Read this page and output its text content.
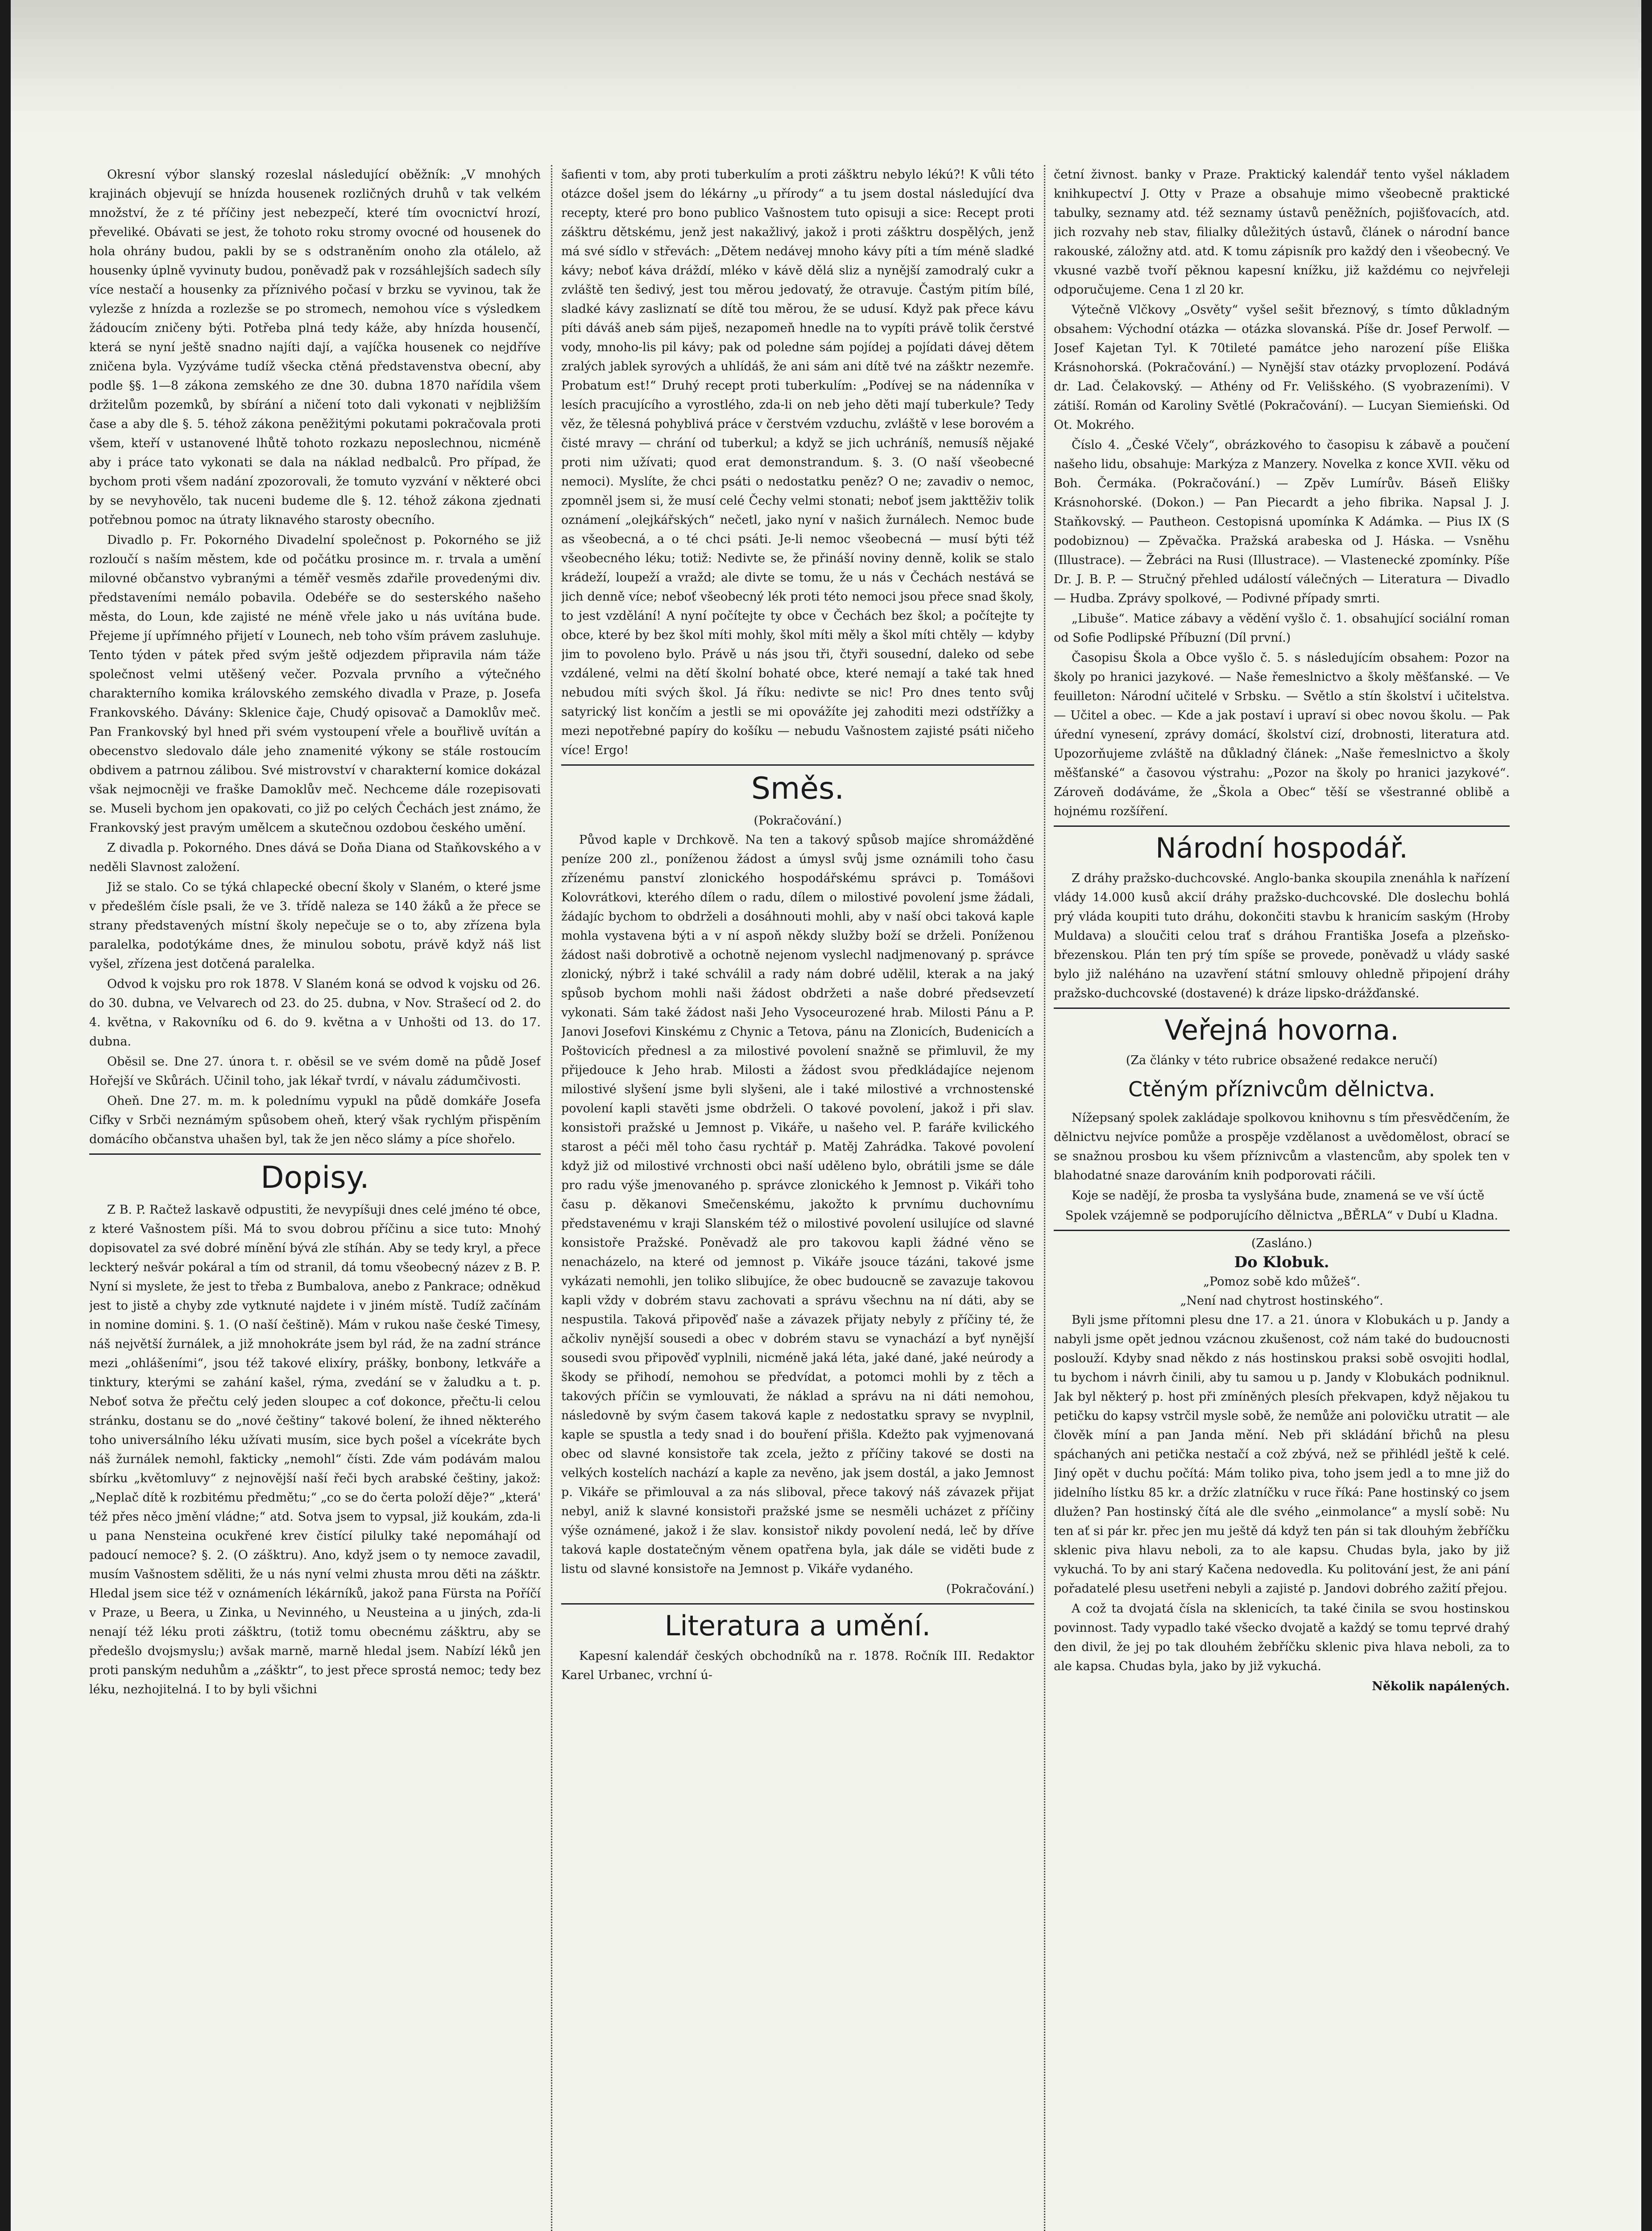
Okresní výbor slanský rozeslal následující oběžník: „V mnohých krajinách objevují se hnízda housenek rozličných druhů v tak velkém množství, že z té příčiny jest nebezpečí, které tím ovocnictví hrozí, převeliké. Obávati se jest, že tohoto roku stromy ovocné od housenek do hola ohrány budou, pakli by se s odstraněním onoho zla otálelo, až housenky úplně vyvinuty budou, poněvadž pak v rozsáhlejších sadech síly více nestačí a housenky za příznivého počasí v brzku se vyvinou, tak že vylezše z hnízda a rozlezše se po stromech, nemohou více s výsledkem žádoucím zničeny býti. Potřeba plná tedy káže, aby hnízda housenčí, která se nyní ještě snadno najíti dají, a vajíčka housenek co nejdříve zničena byla. Vyzýváme tudíž všecka ctěná představenstva obecní, aby podle §§. 1—8 zákona zemského ze dne 30. dubna 1870 nařídila všem držitelům pozemků, by sbírání a ničení toto dali vykonati v nejbližším čase a aby dle §. 5. téhož zákona peněžitými pokutami pokračovala proti všem, kteří v ustanovené lhůtě tohoto rozkazu neposlechnou, nicméně aby i práce tato vykonati se dala na náklad nedbalců. Pro případ, že bychom proti všem nadání zpozorovali, že tomuto vyzvání v některé obci by se nevyhovělo, tak nuceni budeme dle §. 12. téhož zákona zjednati potřebnou pomoc na útraty liknavého starosty obecního.

Divadlo p. Fr. Pokorného Divadelní společnost p. Pokorného se již rozloučí s naším městem, kde od počátku prosince m. r. trvala a umění milovné občanstvo vybranými a téměř vesměs zdařile provedenými div. představeními nemálo pobavila. Odebéře se do sesterského našeho města, do Loun, kde zajisté ne méně vřele jako u nás uvítána bude. Přejeme jí upřímného přijetí v Lounech, neb toho vším právem zasluhuje. Tento týden v pátek před svým ještě odjezdem připravila nám táže společnost velmi utěšený večer. Pozvala prvního a výtečného charakterního komika královského zemského divadla v Praze, p. Josefa Frankovského. Dávány: Sklenice čaje, Chudý opisovač a Damoklův meč. Pan Frankovský byl hned při svém vystoupení vřele a bouřlivě uvítán a obecenstvo sledovalo dále jeho znamenité výkony se stále rostoucím obdivem a patrnou zálibou. Své mistrovství v charakterní komice dokázal však nejmocněji ve fraške Damoklův meč. Nechceme dále rozepisovati se. Museli bychom jen opakovati, co již po celých Čechách jest známo, že Frankovský jest pravým umělcem a skutečnou ozdobou českého umění.

Z divadla p. Pokorného. Dnes dává se Doňa Diana od Staňkovského a v neděli Slavnost založení.

Již se stalo. Co se týká chlapecké obecní školy v Slaném, o které jsme v předešlém čísle psali, že ve 3. třídě naleza se 140 žáků a že přece se strany představených místní školy nepečuje se o to, aby zřízena byla paralelka, podotýkáme dnes, že minulou sobotu, právě když náš list vyšel, zřízena jest dotčená paralelka.

Odvod k vojsku pro rok 1878. V Slaném koná se odvod k vojsku od 26. do 30. dubna, ve Velvarech od 23. do 25. dubna, v Nov. Strašecí od 2. do 4. května, v Rakovníku od 6. do 9. května a v Unhošti od 13. do 17. dubna.

Oběsil se. Dne 27. února t. r. oběsil se ve svém domě na půdě Josef Hořejší ve Skůrách. Učinil toho, jak lékař tvrdí, v návalu zádumčivosti.

Oheň. Dne 27. m. m. k polednímu vypukl na půdě domkáře Josefa Cifky v Srbči neznámým spůsobem oheň, který však rychlým přispěním domácího občanstva uhašen byl, tak že jen něco slámy a píce shořelo.

Dopisy.

Z B. P. Račtež laskavě odpustiti, že nevypíšuji dnes celé jméno té obce, z které Vašnostem píši. Má to svou dobrou příčinu a sice tuto: Mnohý dopisovatel za své dobré mínění bývá zle stíhán. Aby se tedy kryl, a přece leckterý nešvár pokáral a tím od stranil, dá tomu všeobecný název z B. P. Nyní si myslete, že jest to třeba z Bumbalova, anebo z Pankrace; odněkud jest to jistě a chyby zde vytknuté najdete i v jiném místě. Tudíž začínám in nomine domini. §. 1. (O naší češtině). Mám v rukou naše české Timesy, náš největší žurnálek, a již mnohokráte jsem byl rád, že na zadní stránce mezi „ohlášeními“, jsou též takové elixíry, prášky, bonbony, letkváře a tinktury, kterými se zahání kašel, rýma, zvedání se v žaludku a t. p. Neboť sotva že přečtu celý jeden sloupec a coť dokonce, přečtu-li celou stránku, dostanu se do „nové češtiny“ takové bolení, že ihned některého toho universálního léku užívati musím, sice bych pošel a vícekráte bych náš žurnálek nemohl, fakticky „nemohl“ čísti. Zde vám podávám malou sbírku „květomluvy“ z nejnovější naší řeči bych arabské češtiny, jakož: „Neplač dítě k rozbitému předmětu;“ „co se do čerta položí děje?“ „která' též přes něco jmění vládne;“ atd. Sotva jsem to vypsal, již koukám, zda-li u pana Nensteina ocukřené krev čistící pilulky také nepomáhají od padoucí nemoce? §. 2. (O zášktru). Ano, když jsem o ty nemoce zavadil, musím Vašnostem sděliti, že u nás nyní velmi zhusta mrou děti na zášktr. Hledal jsem sice též v oznámeních lékárníků, jakož pana Fürsta na Poříčí v Praze, u Beera, u Zinka, u Nevinného, u Neusteina a u jiných, zda-li nenají též léku proti zášktru, (totiž tomu obecnému zášktru, aby se předešlo dvojsmyslu;) avšak marně, marně hledal jsem. Nabízí léků jen proti panským neduhům a „zášktr“, to jest přece sprostá nemoc; tedy bez léku, nezhojitelná. I to by byli všichni

šafienti v tom, aby proti tuberkulím a proti zášktru nebylo lékú?! K vůli této otázce došel jsem do lékárny „u přírody“ a tu jsem dostal následující dva recepty, které pro bono publico Vašnostem tuto opisuji a sice: Recept proti zášktru dětskému, jenž jest nakažlivý, jakož i proti zášktru dospělých, jenž má své sídlo v střevách: „Dětem nedávej mnoho kávy píti a tím méně sladké kávy; neboť káva dráždí, mléko v kávě dělá sliz a nynější zamodralý cukr a zvláště ten šedivý, jest tou měrou jedovatý, že otravuje. Častým pitím bílé, sladké kávy zasliznatí se dítě tou měrou, že se udusí. Když pak přece kávu píti dáváš aneb sám piješ, nezapomeň hnedle na to vypíti právě tolik čerstvé vody, mnoho-lis pil kávy; pak od poledne sám pojídej a pojídati dávej dětem zralých jablek syrových a uhlídáš, že ani sám ani dítě tvé na zášktr nezemře. Probatum est!“ Druhý recept proti tuberkulím: „Podívej se na nádenníka v lesích pracujícího a vyrostlého, zda-li on neb jeho děti mají tuberkule? Tedy věz, že tělesná pohyblivá práce v čerstvém vzduchu, zvláště v lese borovém a čisté mravy — chrání od tuberkul; a když se jich uchráníš, nemusíš nějaké proti nim užívati; quod erat demonstrandum. §. 3. (O naší všeobecné nemoci). Myslíte, že chci psáti o nedostatku peněz? O ne; zavadiv o nemoc, zpomněl jsem si, že musí celé Čechy velmi stonati; neboť jsem jakttěživ tolik oznámení „olejkářských“ nečetl, jako nyní v našich žurnálech. Nemoc bude as všeobecná, a o té chci psáti. Je-li nemoc všeobecná — musí býti též všeobecného léku; totiž: Nedivte se, že přináší noviny denně, kolik se stalo krádeží, loupeží a vražd; ale divte se tomu, že u nás v Čechách nestává se jich denně více; neboť všeobecný lék proti této nemoci jsou přece snad školy, to jest vzdělání! A nyní počítejte ty obce v Čechách bez škol; a počítejte ty obce, které by bez škol míti mohly, škol míti měly a škol míti chtěly — kdyby jim to povoleno bylo. Právě u nás jsou tři, čtyři sousední, daleko od sebe vzdálené, velmi na dětí školní bohaté obce, které nemají a také tak hned nebudou míti svých škol. Já říku: nedivte se nic! Pro dnes tento svůj satyrický list končím a jestli se mi opovážíte jej zahoditi mezi odstřížky a mezi nepotřebné papíry do košíku — nebudu Vašnostem zajisté psáti ničeho více! Ergo!

Směs.
(Pokračování.)

Původ kaple v Drchkově. Na ten a takový spůsob majíce shromážděné peníze 200 zl., poníženou žádost a úmysl svůj jsme oznámili toho času zřízenému panství zlonického hospodářskému správci p. Tomášovi Kolovrátkovi, kterého dílem o radu, dílem o milostivé povolení jsme žádali, žádajíc bychom to obdrželi a dosáhnouti mohli, aby v naší obci taková kaple mohla vystavena býti a v ní aspoň někdy služby boží se drželi. Poníženou žádost naši dobrotivě a ochotně nejenom vyslechl nadjmenovaný p. správce zlonický, nýbrž i také schválil a rady nám dobré udělil, kterak a na jaký spůsob bychom mohli naši žádost obdržeti a naše dobré předsevzetí vykonati. Sám také žádost naši Jeho Vysoceurozené hrab. Milosti Pánu a P. Janovi Josefovi Kinskému z Chynic a Tetova, pánu na Zlonicích, Budenicích a Poštovicích přednesl a za milostivé povolení snažně se přimluvil, že my přijedouce k Jeho hrab. Milosti a žádost svou předkládajíce nejenom milostivé slyšení jsme byli slyšeni, ale i také milostivé a vrchnostenské povolení kapli stavěti jsme obdrželi. O takové povolení, jakož i při slav. konsistoři pražské u Jemnost p. Vikáře, u našeho vel. P. faráře kvilického starost a péči měl toho času rychtář p. Matěj Zahrádka. Takové povolení když již od milostivé vrchnosti obci naší uděleno bylo, obrátili jsme se dále pro radu výše jmenovaného p. správce zlonického k Jemnost p. Vikáři toho času p. děkanovi Smečenskému, jakožto k prvnímu duchovnímu představenému v kraji Slanském též o milostivé povolení usilujíce od slavné konsistoře Pražské. Poněvadž ale pro takovou kapli žádné věno se nenacházelo, na které od jemnost p. Vikáře jsouce tázáni, takové jsme vykázati nemohli, jen toliko slibujíce, že obec budoucně se zavazuje takovou kapli vždy v dobrém stavu zachovati a správu všechnu na ní dáti, aby se nespustila. Taková připověď naše a závazek přijaty nebyly z příčiny té, že ačkoliv nynější sousedi a obec v dobrém stavu se vynachází a byť nynější sousedi svou připověď vyplnili, nicméně jaká léta, jaké dané, jaké neúrody a škody se přihodí, nemohou se předvídat, a potomci mohli by z těch a takových příčin se vymlouvati, že náklad a správu na ni dáti nemohou, následovně by svým časem taková kaple z nedostatku spravy se nvyplnil, kaple se spustla a tedy snad i do bouření přišla. Kdežto pak vyjmenovaná obec od slavné konsistoře tak zcela, ježto z příčiny takové se dosti na velkých kostelích nachází a kaple za nevěno, jak jsem dostál, a jako Jemnost p. Vikáře se přimlouval a za nás sliboval, přece takový náš závazek přijat nebyl, aniž k slavné konsistoři pražské jsme se nesměli ucházet z příčiny výše oznámené, jakož i že slav. konsistoř nikdy povolení nedá, leč by dříve taková kaple dostatečným věnem opatřena byla, jak dále se viděti bude z listu od slavné konsistoře na Jemnost p. Vikáře vydaného.

(Pokračování.)
Literatura a umění.

Kapesní kalendář českých obchodníků na r. 1878. Ročník III. Redaktor Karel Urbanec, vrchní ú-

četní živnost. banky v Praze. Praktický kalendář tento vyšel nákladem knihkupectví J. Otty v Praze a obsahuje mimo všeobecně praktické tabulky, seznamy atd. též seznamy ústavů peněžních, pojišťovacích, atd. jich rozvahy neb stav, filialky důležitých ústavů, článek o národní bance rakouské, záložny atd. atd. K tomu zápisník pro každý den i všeobecný. Ve vkusné vazbě tvoří pěknou kapesní knížku, již každému co nejvřeleji odporučujeme. Cena 1 zl 20 kr.

Výtečně Vlčkovy „Osvěty“ vyšel sešit březnový, s tímto důkladným obsahem: Východní otázka — otázka slovanská. Píše dr. Josef Perwolf. — Josef Kajetan Tyl. K 70tileté památce jeho narození píše Eliška Krásnohorská. (Pokračování.) — Nynější stav otázky prvoplození. Podává dr. Lad. Čelakovský. — Athény od Fr. Velišského. (S vyobrazeními). V zátiší. Román od Karoliny Světlé (Pokračování). — Lucyan Siemieński. Od Ot. Mokrého.

Číslo 4. „České Včely“, obrázkového to časopisu k zábavě a poučení našeho lidu, obsahuje: Markýza z Manzery. Novelka z konce XVII. věku od Boh. Čermáka. (Pokračování.) — Zpěv Lumírův. Báseň Elišky Krásnohorské. (Dokon.) — Pan Piecardt a jeho fibrika. Napsal J. J. Staňkovský. — Pautheon. Cestopisná upomínka K Adámka. — Pius IX (S podobiznou) — Zpěvačka. Pražská arabeska od J. Háska. — Vsněhu (Illustrace). — Žebráci na Rusi (Illustrace). — Vlastenecké zpomínky. Píše Dr. J. B. P. — Stručný přehled událostí válečných — Literatura — Divadlo — Hudba. Zprávy spolkové, — Podivné případy smrti.

„Libuše“. Matice zábavy a vědění vyšlo č. 1. obsahující sociální roman od Sofie Podlipské Příbuzní (Díl první.)

Časopisu Škola a Obce vyšlo č. 5. s následujícím obsahem: Pozor na školy po hranici jazykové. — Naše řemeslnictvo a školy měšťanské. — Ve feuilleton: Národní učitelé v Srbsku. — Světlo a stín školství i učitelstva. — Učitel a obec. — Kde a jak postaví i upraví si obec novou školu. — Pak úřední vynesení, zprávy domácí, školství cizí, drobnosti, literatura atd. Upozorňujeme zvláště na důkladný článek: „Naše řemeslnictvo a školy měšťanské“ a časovou výstrahu: „Pozor na školy po hranici jazykové“. Zároveň dodáváme, že „Škola a Obec“ těší se všestranné oblibě a hojnému rozšíření.

Národní hospodář.

Z dráhy pražsko-duchcovské. Anglo-banka skoupila znenáhla k nařízení vlády 14.000 kusů akcií dráhy pražsko-duchcovské. Dle doslechu bohlá prý vláda koupiti tuto dráhu, dokončiti stavbu k hranicím saským (Hroby Muldava) a sloučiti celou trať s dráhou Františka Josefa a plzeňsko-březenskou. Plán ten prý tím spíše se provede, poněvadž u vlády saské bylo již naléháno na uzavření státní smlouvy ohledně připojení dráhy pražsko-duchcovské (dostavené) k dráze lipsko-drážďanské.

Veřejná hovorna.
(Za články v této rubrice obsažené redakce neručí)
Ctěným příznivcům dělnictva.

Nížepsaný spolek zakládaje spolkovou knihovnu s tím přesvědčením, že dělnictvu nejvíce pomůže a prospěje vzdělanost a uvědomělost, obrací se se snažnou prosbou ku všem příznivcům a vlastencům, aby spolek ten v blahodatné snaze darováním knih podporovati ráčili.

Koje se nadějí, že prosba ta vyslyšána bude, znamená se ve vší úctě

Spolek vzájemně se podporujícího dělnictva „BĚRLA“ v Dubí u Kladna.
(Zasláno.)
Do Klobuk.
„Pomoz sobě kdo můžeš“.
„Není nad chytrost hostinského“.

Byli jsme přítomni plesu dne 17. a 21. února v Klobukách u p. Jandy a nabyli jsme opět jednou vzácnou zkušenost, což nám také do budoucnosti poslouží. Kdyby snad někdo z nás hostinskou praksi sobě osvojiti hodlal, tu bychom i návrh činili, aby tu samou u p. Jandy v Klobukách podniknul. Jak byl některý p. host při zmíněných plesích překvapen, když nějakou tu petičku do kapsy vstrčil mysle sobě, že nemůže ani polovičku utratit — ale člověk míní a pan Janda mění. Neb při skládání břichů na plesu spáchaných ani petička nestačí a což zbývá, než se přihlédl ještě k celé. Jiný opět v duchu počítá: Mám toliko piva, toho jsem jedl a to mne již do jidelního lístku 85 kr. a držíc zlatníčku v ruce říká: Pane hostinský co jsem dlužen? Pan hostinský čítá ale dle svého „einmolance“ a myslí sobě: Nu ten ať si pár kr. přec jen mu ještě dá když ten pán si tak dlouhým žebříčku sklenic piva hlavu neboli, za to ale kapsu. Chudas byla, jako by již vykuchá. To by ani starý Kačena nedovedla. Ku politování jest, že ani pání pořadatelé plesu usetřeni nebyli a zajisté p. Jandovi dobrého zažití přejou.

A což ta dvojatá čísla na sklenicích, ta také činila se svou hostinskou povinnost. Tady vypadlo také všecko dvojatě a každý se tomu teprvé drahý den divil, že jej po tak dlouhém žebříčku sklenic piva hlava neboli, za to ale kapsa. Chudas byla, jako by již vykuchá.

Několik napálených.
